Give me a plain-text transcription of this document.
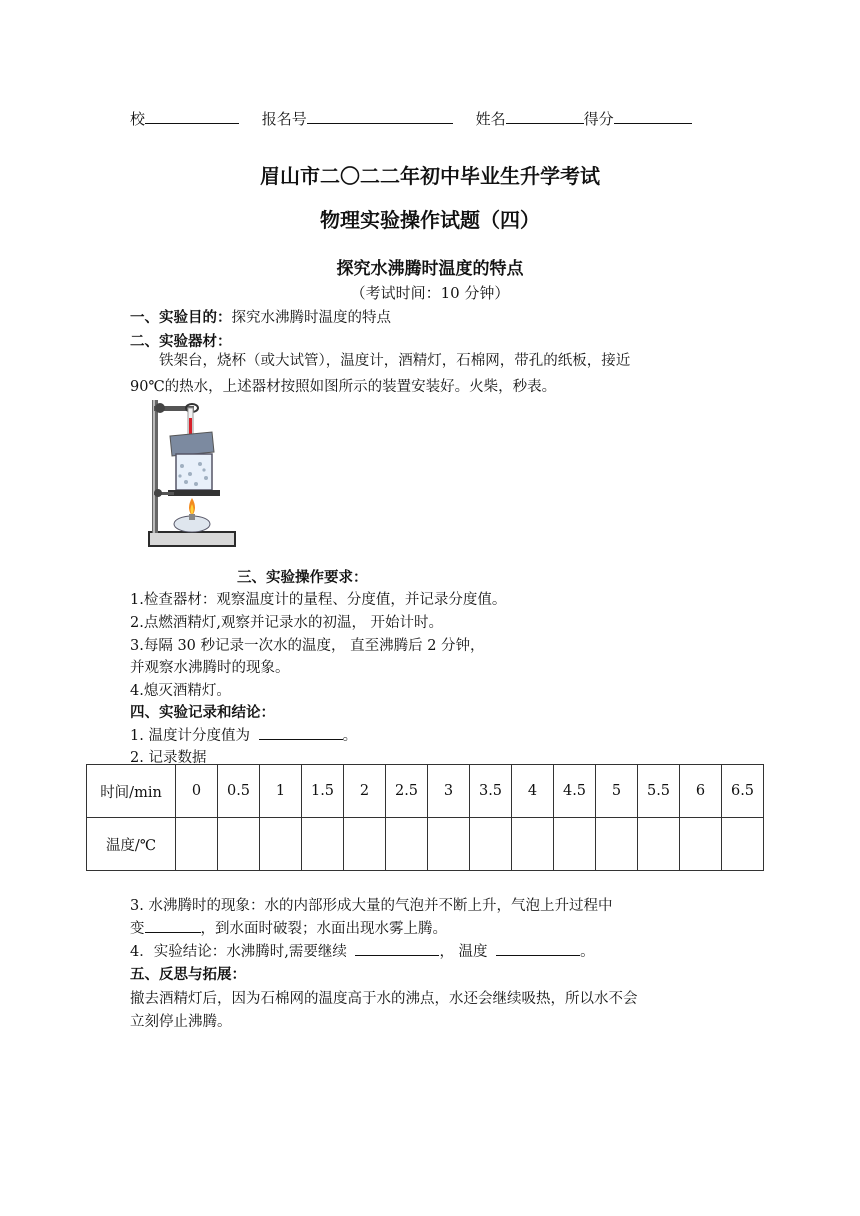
校	报名号	姓名	得分
眉山市二〇二二年初中毕业生升学考试
物理实验操作试题（四）
探究水沸腾时温度的特点
（考试时间：10 分钟）
一、实验目的：探究水沸腾时温度的特点
二、实验器材：
铁架台，烧杯（或大试管），温度计，酒精灯，石棉网，带孔的纸板，接近
90℃的热水，上述器材按照如图所示的装置安装好。火柴，秒表。
三、实验操作要求：
1.检查器材：观察温度计的量程、分度值，并记录分度值。
2.点燃酒精灯,观察并记录水的初温， 开始计时。
3.每隔 30 秒记录一次水的温度， 直至沸腾后 2 分钟，
并观察水沸腾时的现象。
4.熄灭酒精灯。
四、实验记录和结论：
1. 温度计分度值为	。
2. 记录数据
时间/min	0	0.5	1	1.5	2	2.5	3	3.5	4	4.5	5	5.5	6	6.5
温度/℃														
3. 水沸腾时的现象：水的内部形成大量的气泡并不断上升，气泡上升过程中
变	，到水面时破裂；水面出现水雾上腾。
4．实验结论：水沸腾时,需要继续	， 温度	。
五、反思与拓展：
撤去酒精灯后，因为石棉网的温度高于水的沸点，水还会继续吸热，所以水不会
立刻停止沸腾。
